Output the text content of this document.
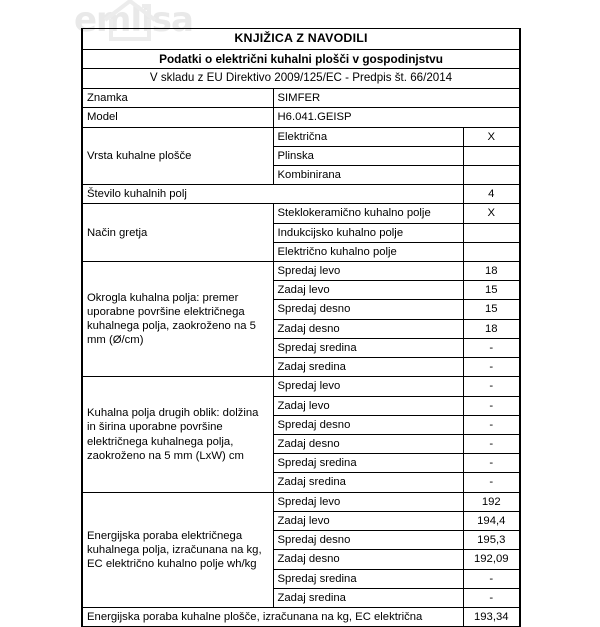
emlisa	KNJIŽICA Z NAVODILI		
Podatki o električni kuhalni plošči v gospodinjstvu		
V skladu z EU Direktivo 2009/125/EC - Predpis št. 66/2014		
Znamka	SIMFER	
Model	H6.041.GEISP	
Vrsta kuhalne plošče	Električna	X
	Plinska	
	Kombinirana	
Število kuhalnih polj		4
Način gretja	Steklokeramično kuhalno polje	X
	Indukcijsko kuhalno polje	
	Električno kuhalno polje	
Okrogla kuhalna polja: premer uporabne površine električnega kuhalnega polja, zaokroženo na 5 mm (Ø/cm)	Spredaj levo	18
	Zadaj levo	15
	Spredaj desno	15
	Zadaj desno	18
	Spredaj sredina	-
	Zadaj sredina	-
Kuhalna polja drugih oblik: dolžina in širina uporabne površine električnega kuhalnega polja, zaokroženo na 5 mm (LxW) cm	Spredaj levo	-
	Zadaj levo	-
	Spredaj desno	-
	Zadaj desno	-
	Spredaj sredina	-
	Zadaj sredina	-
Energijska poraba električnega kuhalnega polja, izračunana na kg, EC električno kuhalno polje wh/kg	Spredaj levo	192
	Zadaj levo	194,4
	Spredaj desno	195,3
	Zadaj desno	192,09
	Spredaj sredina	-
	Zadaj sredina	-
Energijska poraba kuhalne plošče, izračunana na kg, EC električna		193,34
